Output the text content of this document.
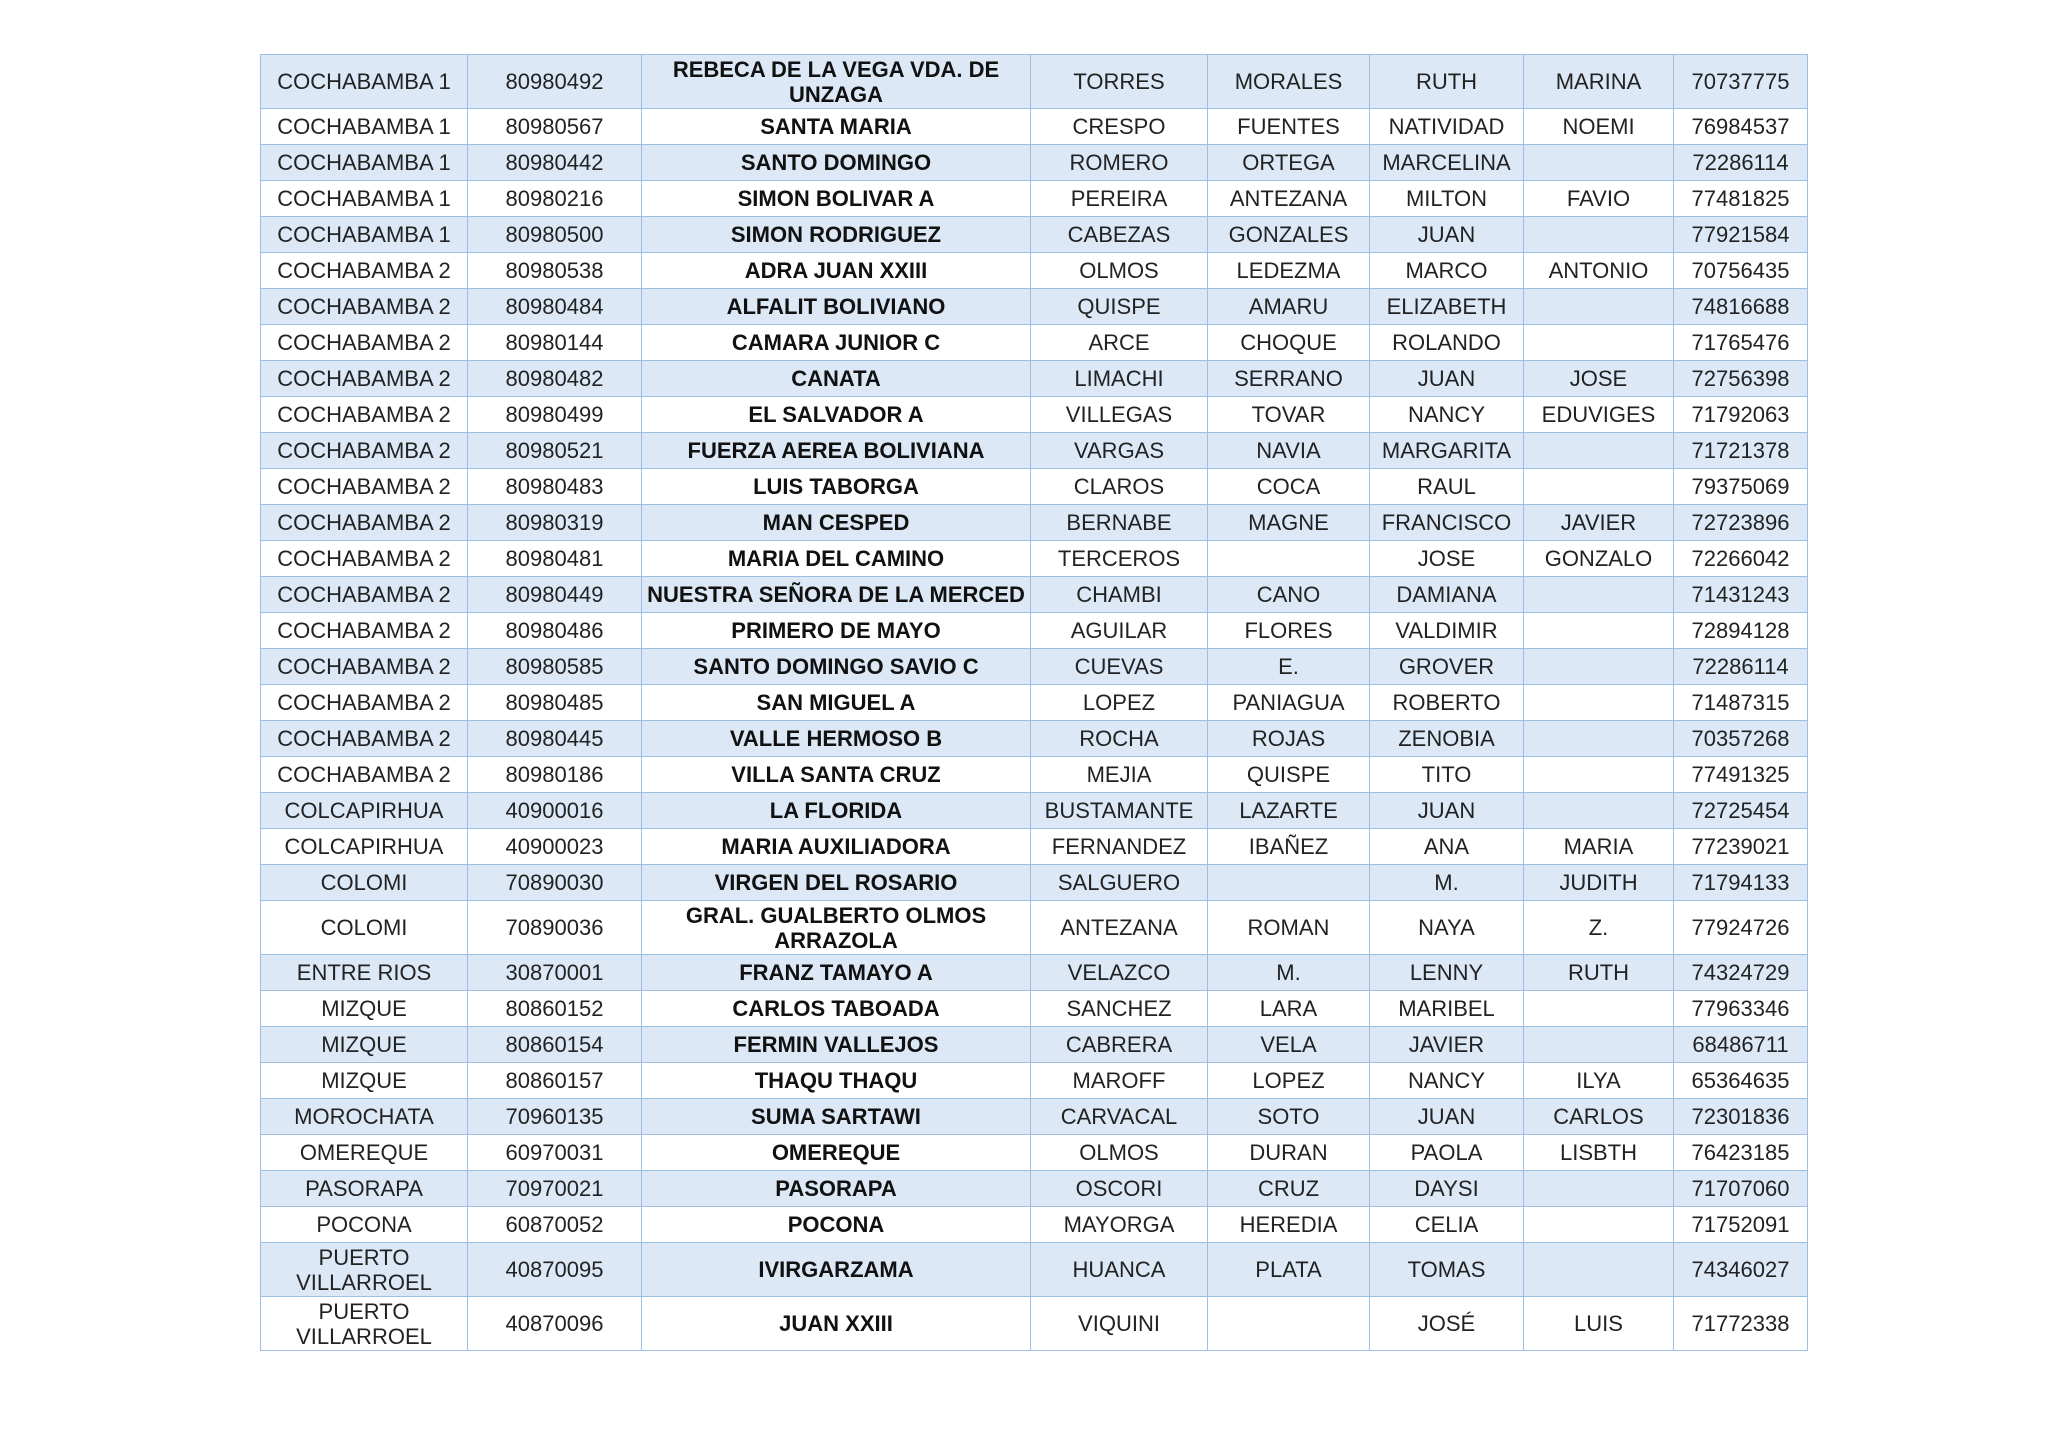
COCHABAMBA 1	80980492	REBECA DE LA VEGA VDA. DE UNZAGA	TORRES	MORALES	RUTH	MARINA	70737775
COCHABAMBA 1	80980567	SANTA MARIA	CRESPO	FUENTES	NATIVIDAD	NOEMI	76984537
COCHABAMBA 1	80980442	SANTO DOMINGO	ROMERO	ORTEGA	MARCELINA		72286114
COCHABAMBA 1	80980216	SIMON BOLIVAR A	PEREIRA	ANTEZANA	MILTON	FAVIO	77481825
COCHABAMBA 1	80980500	SIMON RODRIGUEZ	CABEZAS	GONZALES	JUAN		77921584
COCHABAMBA 2	80980538	ADRA JUAN XXIII	OLMOS	LEDEZMA	MARCO	ANTONIO	70756435
COCHABAMBA 2	80980484	ALFALIT BOLIVIANO	QUISPE	AMARU	ELIZABETH		74816688
COCHABAMBA 2	80980144	CAMARA JUNIOR C	ARCE	CHOQUE	ROLANDO		71765476
COCHABAMBA 2	80980482	CANATA	LIMACHI	SERRANO	JUAN	JOSE	72756398
COCHABAMBA 2	80980499	EL SALVADOR A	VILLEGAS	TOVAR	NANCY	EDUVIGES	71792063
COCHABAMBA 2	80980521	FUERZA AEREA BOLIVIANA	VARGAS	NAVIA	MARGARITA		71721378
COCHABAMBA 2	80980483	LUIS TABORGA	CLAROS	COCA	RAUL		79375069
COCHABAMBA 2	80980319	MAN CESPED	BERNABE	MAGNE	FRANCISCO	JAVIER	72723896
COCHABAMBA 2	80980481	MARIA DEL CAMINO	TERCEROS		JOSE	GONZALO	72266042
COCHABAMBA 2	80980449	NUESTRA SEÑORA DE LA MERCED	CHAMBI	CANO	DAMIANA		71431243
COCHABAMBA 2	80980486	PRIMERO DE MAYO	AGUILAR	FLORES	VALDIMIR		72894128
COCHABAMBA 2	80980585	SANTO DOMINGO SAVIO C	CUEVAS	E.	GROVER		72286114
COCHABAMBA 2	80980485	SAN MIGUEL A	LOPEZ	PANIAGUA	ROBERTO		71487315
COCHABAMBA 2	80980445	VALLE HERMOSO B	ROCHA	ROJAS	ZENOBIA		70357268
COCHABAMBA 2	80980186	VILLA SANTA CRUZ	MEJIA	QUISPE	TITO		77491325
COLCAPIRHUA	40900016	LA FLORIDA	BUSTAMANTE	LAZARTE	JUAN		72725454
COLCAPIRHUA	40900023	MARIA AUXILIADORA	FERNANDEZ	IBAÑEZ	ANA	MARIA	77239021
COLOMI	70890030	VIRGEN DEL ROSARIO	SALGUERO		M.	JUDITH	71794133
COLOMI	70890036	GRAL. GUALBERTO OLMOS ARRAZOLA	ANTEZANA	ROMAN	NAYA	Z.	77924726
ENTRE RIOS	30870001	FRANZ TAMAYO A	VELAZCO	M.	LENNY	RUTH	74324729
MIZQUE	80860152	CARLOS TABOADA	SANCHEZ	LARA	MARIBEL		77963346
MIZQUE	80860154	FERMIN VALLEJOS	CABRERA	VELA	JAVIER		68486711
MIZQUE	80860157	THAQU THAQU	MAROFF	LOPEZ	NANCY	ILYA	65364635
MOROCHATA	70960135	SUMA SARTAWI	CARVACAL	SOTO	JUAN	CARLOS	72301836
OMEREQUE	60970031	OMEREQUE	OLMOS	DURAN	PAOLA	LISBTH	76423185
PASORAPA	70970021	PASORAPA	OSCORI	CRUZ	DAYSI		71707060
POCONA	60870052	POCONA	MAYORGA	HEREDIA	CELIA		71752091
PUERTO VILLARROEL	40870095	IVIRGARZAMA	HUANCA	PLATA	TOMAS		74346027
PUERTO VILLARROEL	40870096	JUAN XXIII	VIQUINI		JOSÉ	LUIS	71772338
